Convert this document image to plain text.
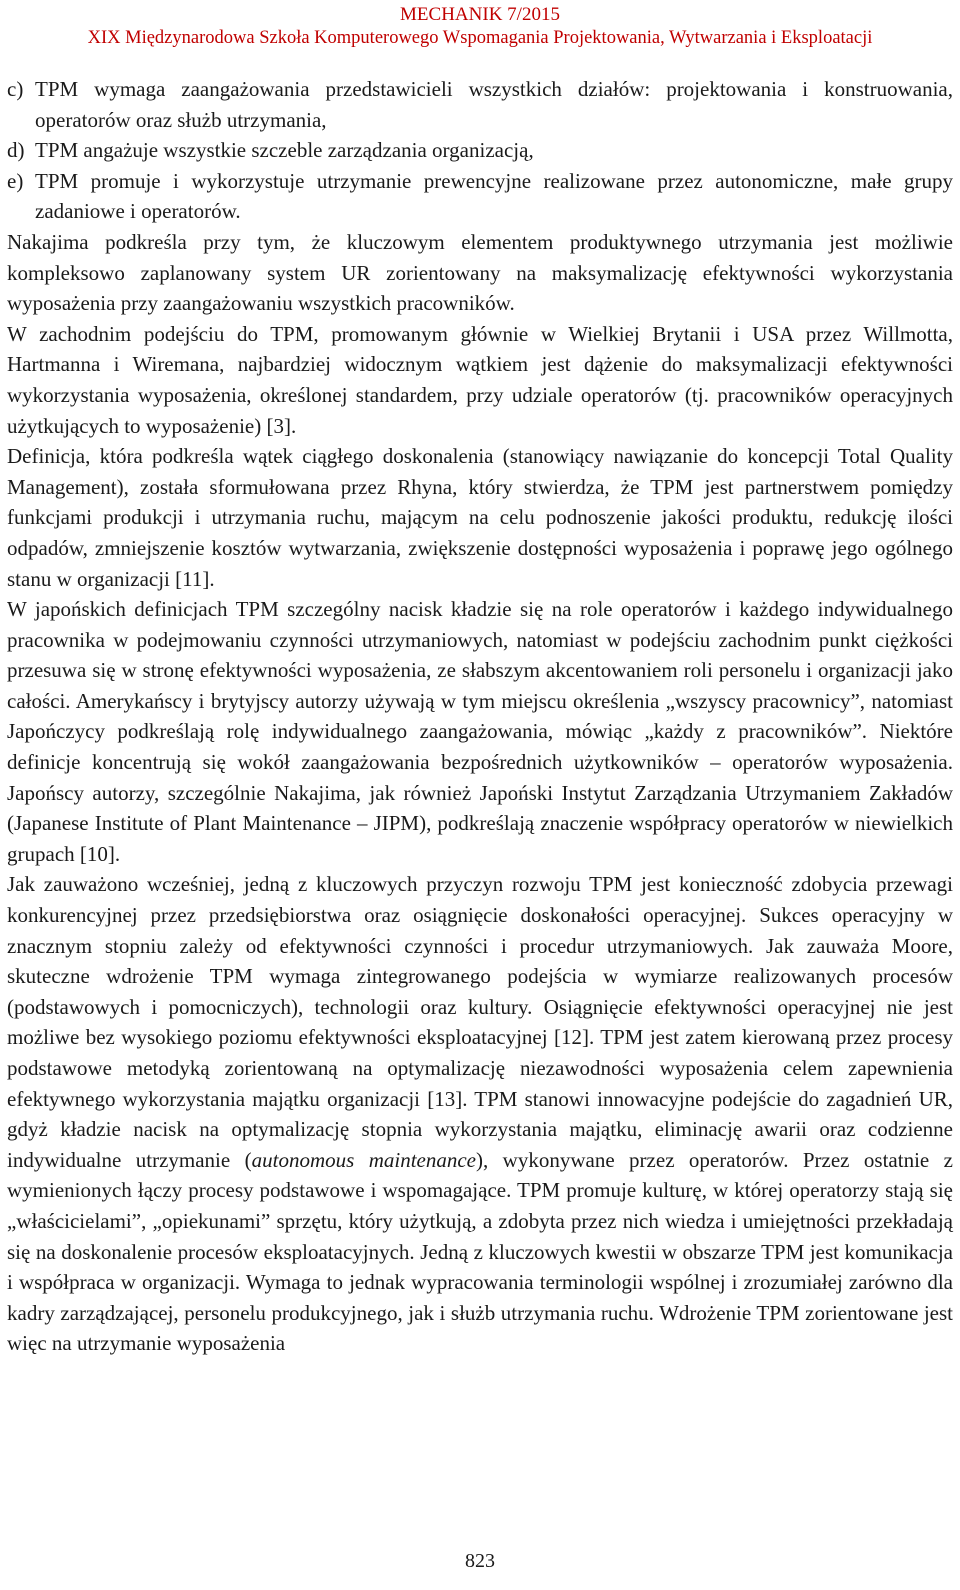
MECHANIK 7/2015
XIX Międzynarodowa Szkoła Komputerowego Wspomagania Projektowania, Wytwarzania i Eksploatacji
c) TPM wymaga zaangażowania przedstawicieli wszystkich działów: projektowania i konstruowania, operatorów oraz służb utrzymania,
d) TPM angażuje wszystkie szczeble zarządzania organizacją,
e) TPM promuje i wykorzystuje utrzymanie prewencyjne realizowane przez autonomiczne, małe grupy zadaniowe i operatorów.

Nakajima podkreśla przy tym, że kluczowym elementem produktywnego utrzymania jest możliwie kompleksowo zaplanowany system UR zorientowany na maksymalizację efektywności wykorzystania wyposażenia przy zaangażowaniu wszystkich pracowników.

W zachodnim podejściu do TPM, promowanym głównie w Wielkiej Brytanii i USA przez Willmotta, Hartmanna i Wiremana, najbardziej widocznym wątkiem jest dążenie do maksymalizacji efektywności wykorzystania wyposażenia, określonej standardem, przy udziale operatorów (tj. pracowników operacyjnych użytkujących to wyposażenie) [3].

Definicja, która podkreśla wątek ciągłego doskonalenia (stanowiący nawiązanie do koncepcji Total Quality Management), została sformułowana przez Rhyna, który stwierdza, że TPM jest partnerstwem pomiędzy funkcjami produkcji i utrzymania ruchu, mającym na celu podnoszenie jakości produktu, redukcję ilości odpadów, zmniejszenie kosztów wytwarzania, zwiększenie dostępności wyposażenia i poprawę jego ogólnego stanu w organizacji [11].

W japońskich definicjach TPM szczególny nacisk kładzie się na role operatorów i każdego indywidualnego pracownika w podejmowaniu czynności utrzymaniowych, natomiast w podejściu zachodnim punkt ciężkości przesuwa się w stronę efektywności wyposażenia, ze słabszym akcentowaniem roli personelu i organizacji jako całości. Amerykańscy i brytyjscy autorzy używają w tym miejscu określenia „wszyscy pracownicy”, natomiast Japończycy podkreślają rolę indywidualnego zaangażowania, mówiąc „każdy z pracowników”. Niektóre definicje koncentrują się wokół zaangażowania bezpośrednich użytkowników – operatorów wyposażenia. Japońscy autorzy, szczególnie Nakajima, jak również Japoński Instytut Zarządzania Utrzymaniem Zakładów (Japanese Institute of Plant Maintenance – JIPM), podkreślają znaczenie współpracy operatorów w niewielkich grupach [10].

Jak zauważono wcześniej, jedną z kluczowych przyczyn rozwoju TPM jest konieczność zdobycia przewagi konkurencyjnej przez przedsiębiorstwa oraz osiągnięcie doskonałości operacyjnej. Sukces operacyjny w znacznym stopniu zależy od efektywności czynności i procedur utrzymaniowych. Jak zauważa Moore, skuteczne wdrożenie TPM wymaga zintegrowanego podejścia w wymiarze realizowanych procesów (podstawowych i pomocniczych), technologii oraz kultury. Osiągnięcie efektywności operacyjnej nie jest możliwe bez wysokiego poziomu efektywności eksploatacyjnej [12]. TPM jest zatem kierowaną przez procesy podstawowe metodyką zorientowaną na optymalizację niezawodności wyposażenia celem zapewnienia efektywnego wykorzystania majątku organizacji [13]. TPM stanowi innowacyjne podejście do zagadnień UR, gdyż kładzie nacisk na optymalizację stopnia wykorzystania majątku, eliminację awarii oraz codzienne indywidualne utrzymanie (autonomous maintenance), wykonywane przez operatorów. Przez ostatnie z wymienionych łączy procesy podstawowe i wspomagające. TPM promuje kulturę, w której operatorzy stają się „właścicielami”, „opiekunami” sprzętu, który użytkują, a zdobyta przez nich wiedza i umiejętności przekładają się na doskonalenie procesów eksploatacyjnych. Jedną z kluczowych kwestii w obszarze TPM jest komunikacja i współpraca w organizacji. Wymaga to jednak wypracowania terminologii wspólnej i zrozumiałej zarówno dla kadry zarządzającej, personelu produkcyjnego, jak i służb utrzymania ruchu. Wdrożenie TPM zorientowane jest więc na utrzymanie wyposażenia

823
